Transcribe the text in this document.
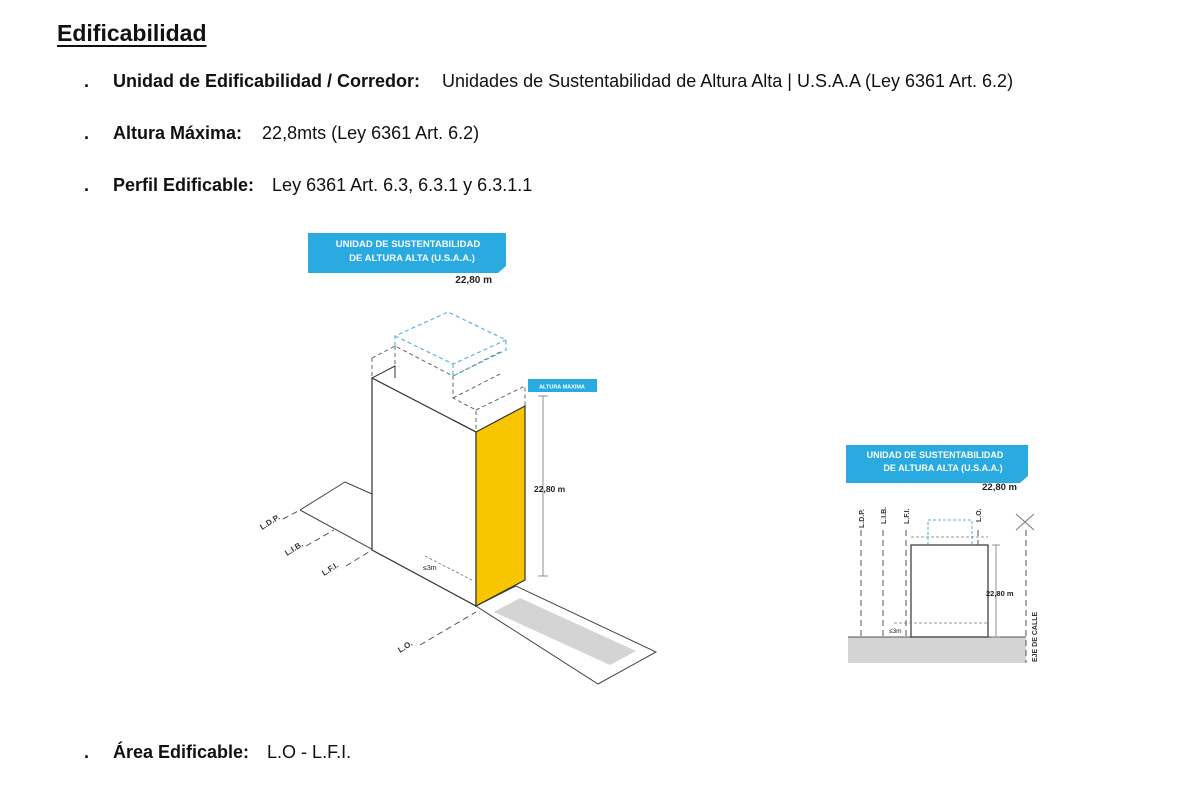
Edificabilidad
. Unidad de Edificabilidad / Corredor: Unidades de Sustentabilidad de Altura Alta | U.S.A.A (Ley 6361 Art. 6.2)
. Altura Máxima: 22,8mts (Ley 6361 Art. 6.2)
. Perfil Edificable: Ley 6361 Art. 6.3, 6.3.1 y 6.3.1.1
. Área Edificable: L.O - L.F.I.
UNIDAD DE SUSTENTABILIDAD
DE ALTURA ALTA (U.S.A.A.)
22,80 m
ALTURA MAXIMA
22,80 m
≤3m
L.D.P.
L.I.B.
L.F.I.
L.O.
UNIDAD DE SUSTENTABILIDAD
DE ALTURA ALTA (U.S.A.A.)
22,80 m
≤3m
L.D.P. L.I.B. L.F.I.	L.O.
EJE DE CALLE
22,80 m
